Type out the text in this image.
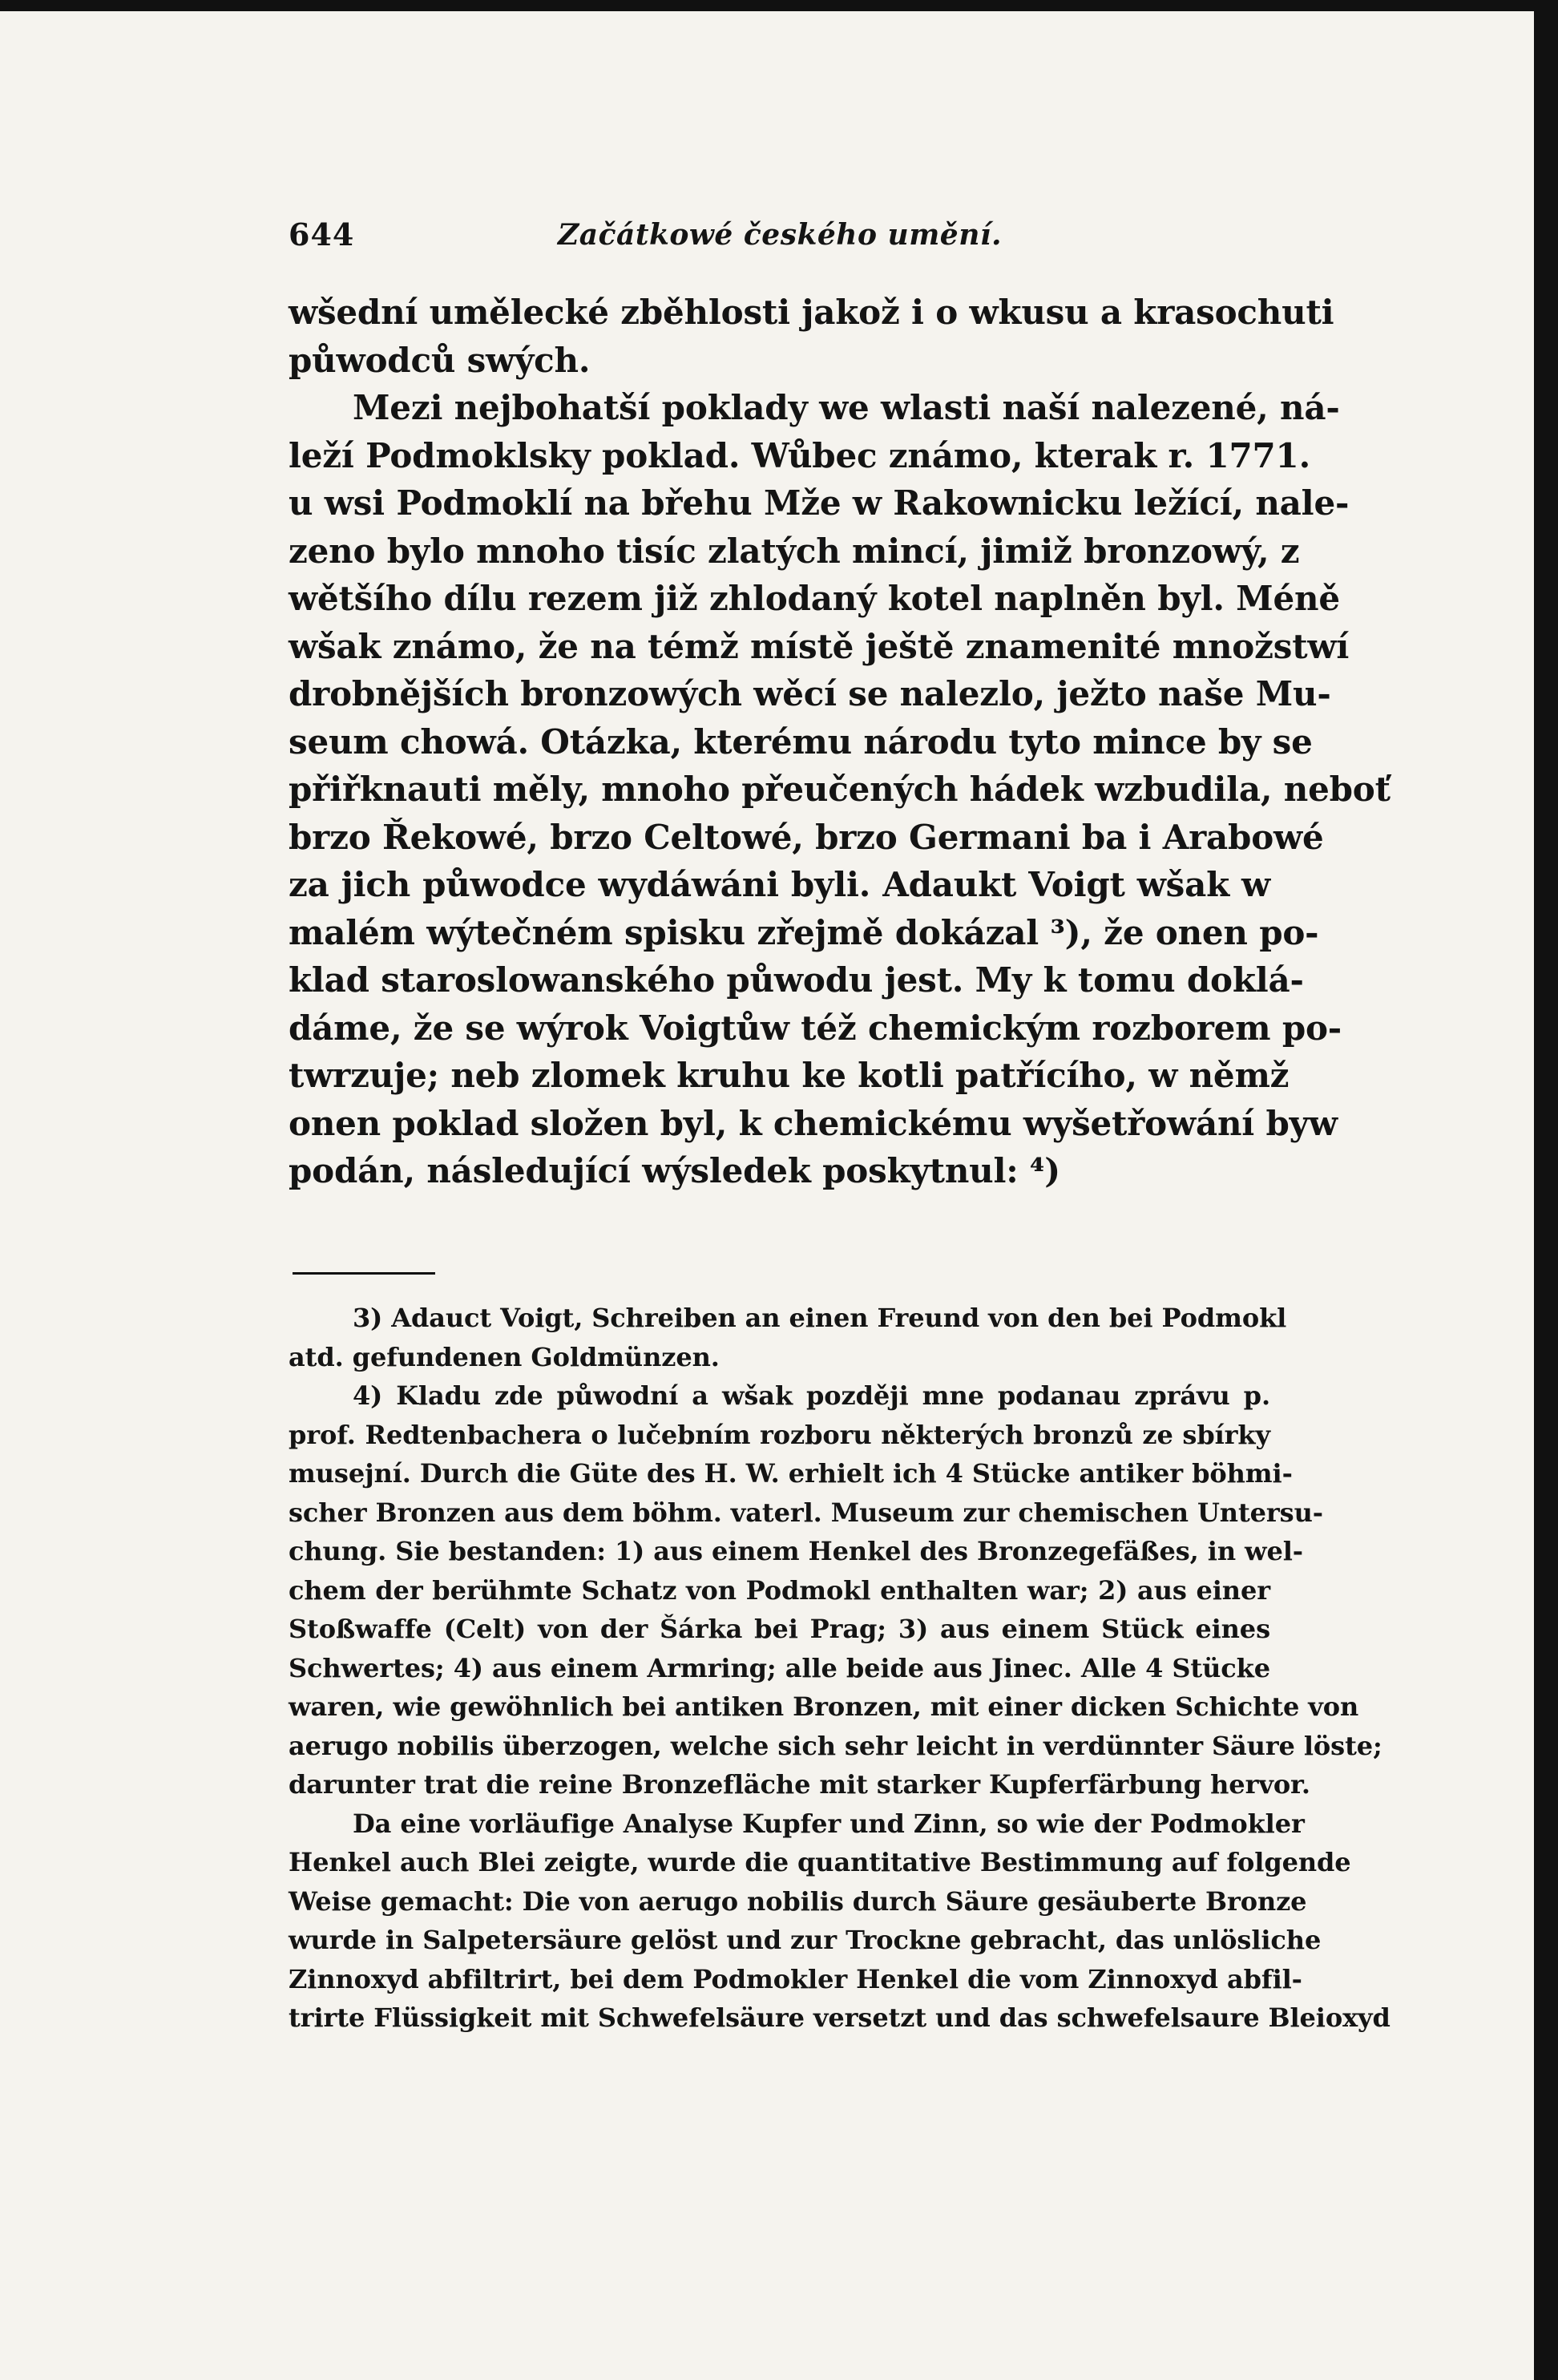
644	Začátkowé českého umění.
wšední umělecké zběhlosti jakož i o wkusu a krasochuti
půwodců swých.
Mezi nejbohatší poklady we wlasti naší nalezené, ná-
leží Podmoklsky poklad. Wůbec známo, kterak r. 1771.
u wsi Podmoklí na břehu Mže w Rakownicku ležící, nale-
zeno bylo mnoho tisíc zlatých mincí, jimiž bronzowý, z
wětšího dílu rezem již zhlodaný kotel naplněn byl. Méně
wšak známo, že na témž místě ještě znamenité množstwí
drobnějších bronzowých wěcí se nalezlo, ježto naše Mu-
seum chowá. Otázka, kterému národu tyto mince by se
přiřknauti měly, mnoho přeučených hádek wzbudila, neboť
brzo Řekowé, brzo Celtowé, brzo Germani ba i Arabowé
za jich půwodce wydáwáni byli. Adaukt Voigt wšak w
malém wýtečném spisku zřejmě dokázal ³), že onen po-
klad staroslowanského půwodu jest. My k tomu doklá-
dáme, že se wýrok Voigtůw též chemickým rozborem po-
twrzuje; neb zlomek kruhu ke kotli patřícího, w němž
onen poklad složen byl, k chemickému wyšetřowání byw
podán, následující wýsledek poskytnul: ⁴)
3) Adauct Voigt, Schreiben an einen Freund von den bei Podmokl
atd. gefundenen Goldmünzen.
4) Kladu zde půwodní a wšak později mne podanau zprávu p.
prof. Redtenbachera o lučebním rozboru některých bronzů ze sbírky
musejní. Durch die Güte des H. W. erhielt ich 4 Stücke antiker böhmi-
scher Bronzen aus dem böhm. vaterl. Museum zur chemischen Untersu-
chung. Sie bestanden: 1) aus einem Henkel des Bronzegefäßes, in wel-
chem der berühmte Schatz von Podmokl enthalten war; 2) aus einer
Stoßwaffe (Celt) von der Šárka bei Prag; 3) aus einem Stück eines
Schwertes; 4) aus einem Armring; alle beide aus Jinec. Alle 4 Stücke
waren, wie gewöhnlich bei antiken Bronzen, mit einer dicken Schichte von
aerugo nobilis überzogen, welche sich sehr leicht in verdünnter Säure löste;
darunter trat die reine Bronzefläche mit starker Kupferfärbung hervor.
Da eine vorläufige Analyse Kupfer und Zinn, so wie der Podmokler
Henkel auch Blei zeigte, wurde die quantitative Bestimmung auf folgende
Weise gemacht: Die von aerugo nobilis durch Säure gesäuberte Bronze
wurde in Salpetersäure gelöst und zur Trockne gebracht, das unlösliche
Zinnoxyd abfiltrirt, bei dem Podmokler Henkel die vom Zinnoxyd abfil-
trirte Flüssigkeit mit Schwefelsäure versetzt und das schwefelsaure Bleioxyd
